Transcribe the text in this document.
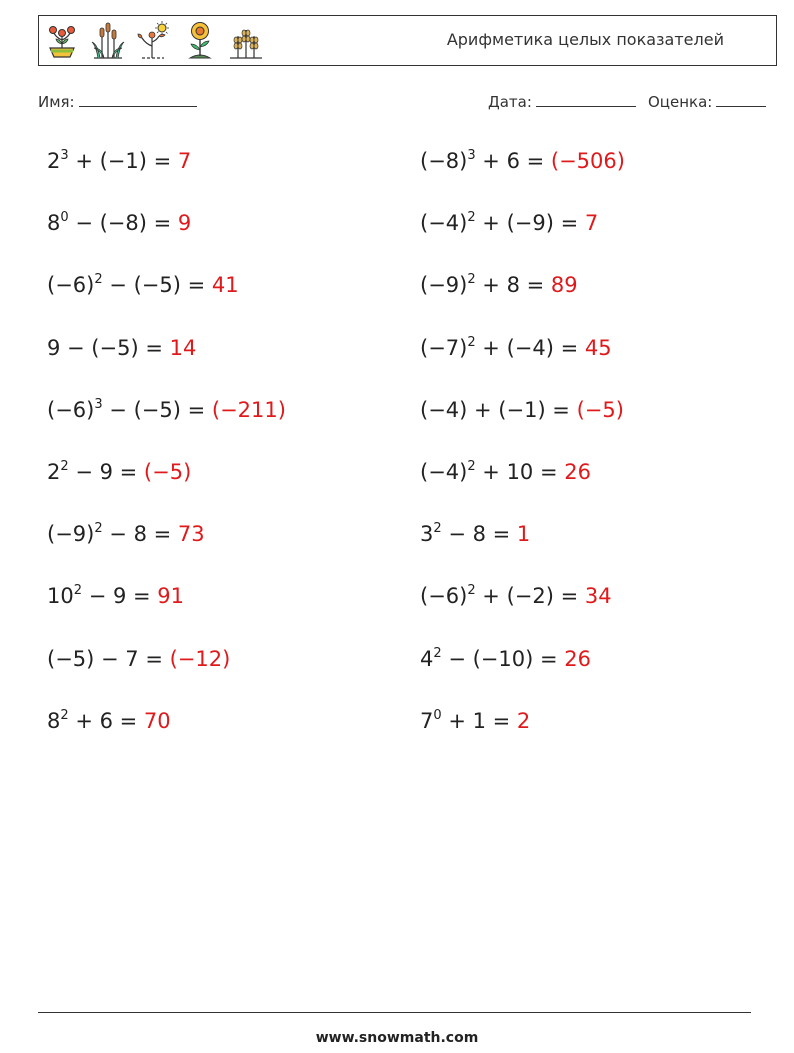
Арифметика целых показателей
Имя:	Дата:	Оценка:
$2^3 + (-1) = 7$	$(-8)^3 + 6 = (-506)$
$8^0 - (-8) = 9$	$(-4)^2 + (-9) = 7$
$(-6)^2 - (-5) = 41$	$(-9)^2 + 8 = 89$
9 − (−5) = 14	$(-7)^2 + (-4) = 45$
$(-6)^3 - (-5) = (-211)$	(−4) + (−1) = (−5)
$2^2 - 9 = (-5)$	$(-4)^2 + 10 = 26$
$(-9)^2 - 8 = 73$	$3^2 - 8 = 1$
$10^2 - 9 = 91$	$(-6)^2 + (-2) = 34$
(−5) − 7 = (−12)	$4^2 - (-10) = 26$
$8^2 + 6 = 70$	$7^0 + 1 = 2$
www.snowmath.com
